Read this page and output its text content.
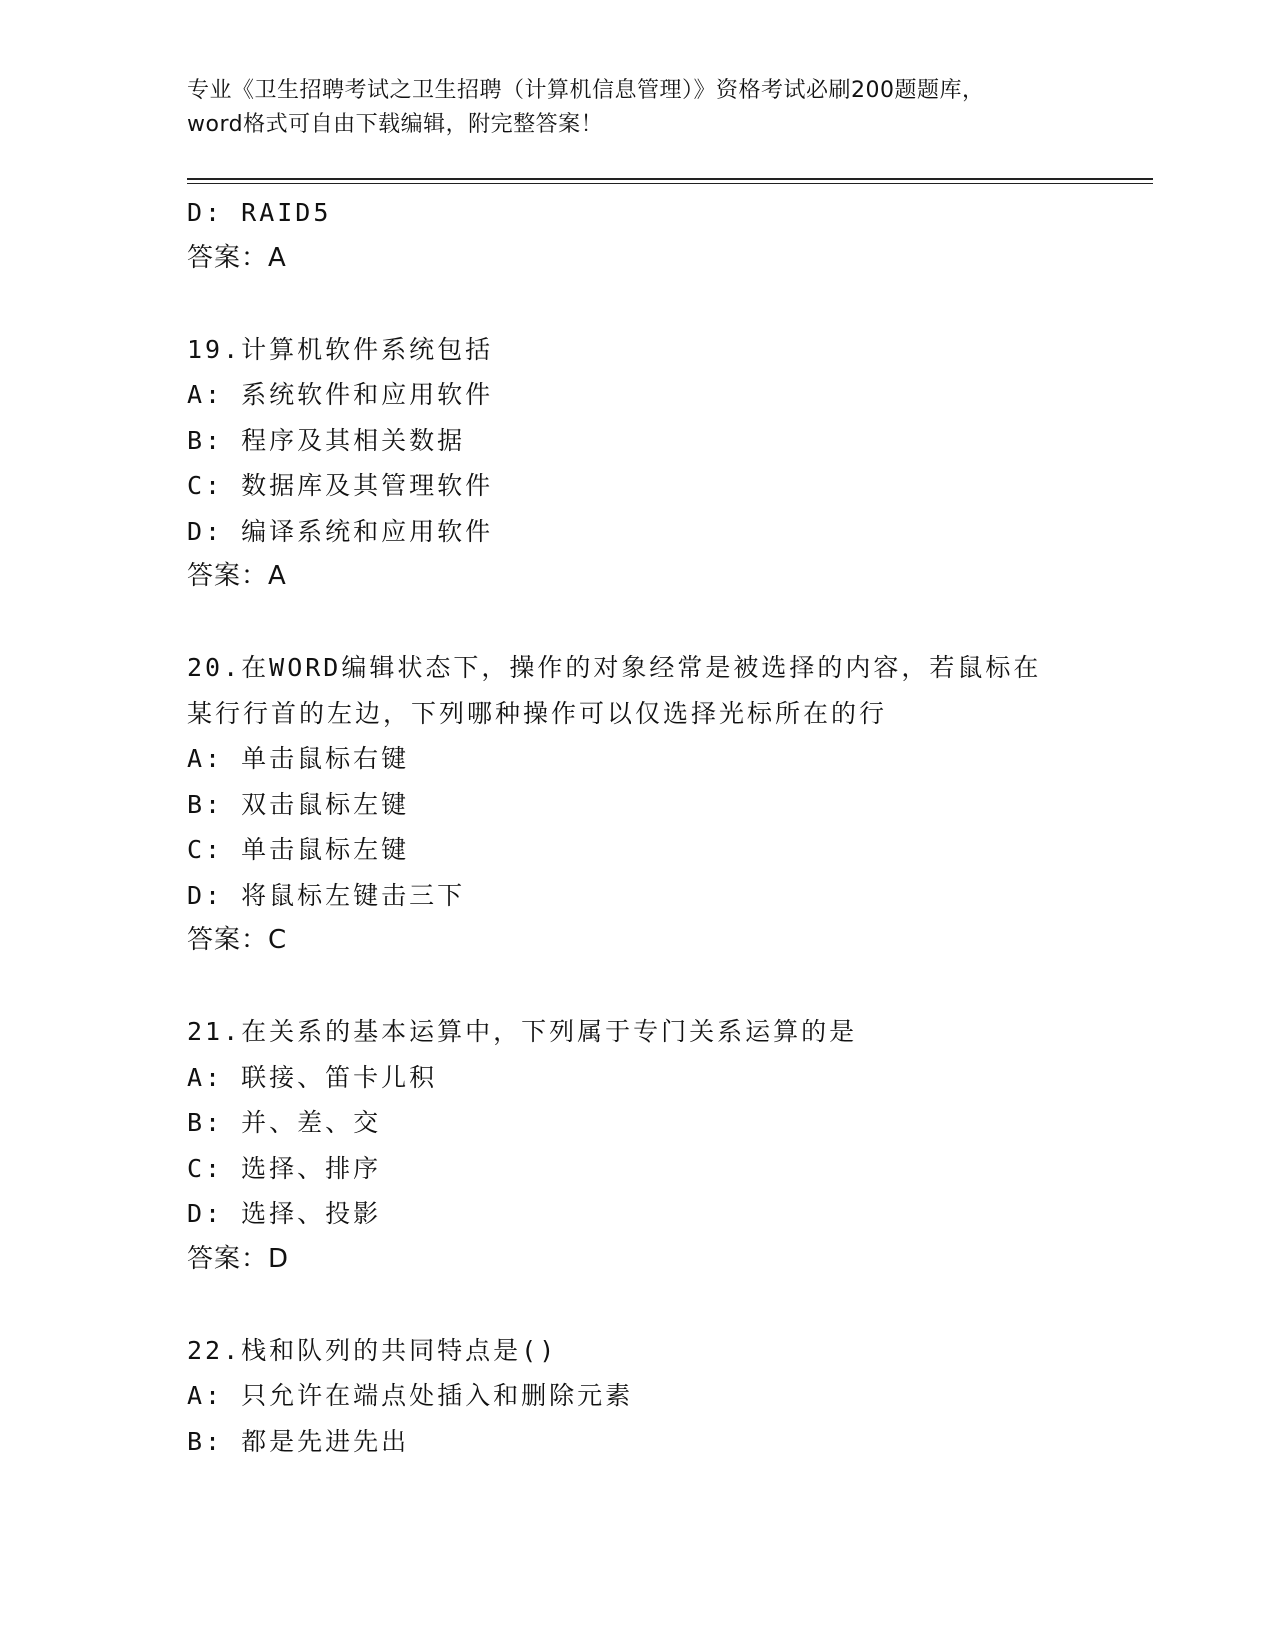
专业《卫生招聘考试之卫生招聘（计算机信息管理）》资格考试必刷200题题库，
word格式可自由下载编辑，附完整答案！
D: RAID5
答案：A
19.计算机软件系统包括
A: 系统软件和应用软件
B: 程序及其相关数据
C: 数据库及其管理软件
D: 编译系统和应用软件
答案：A
20.在WORD编辑状态下，操作的对象经常是被选择的内容，若鼠标在
某行行首的左边，下列哪种操作可以仅选择光标所在的行
A: 单击鼠标右键
B: 双击鼠标左键
C: 单击鼠标左键
D: 将鼠标左键击三下
答案：C
21.在关系的基本运算中，下列属于专门关系运算的是
A: 联接、笛卡儿积
B: 并、差、交
C: 选择、排序
D: 选择、投影
答案：D
22.栈和队列的共同特点是()
A: 只允许在端点处插入和删除元素
B: 都是先进先出
